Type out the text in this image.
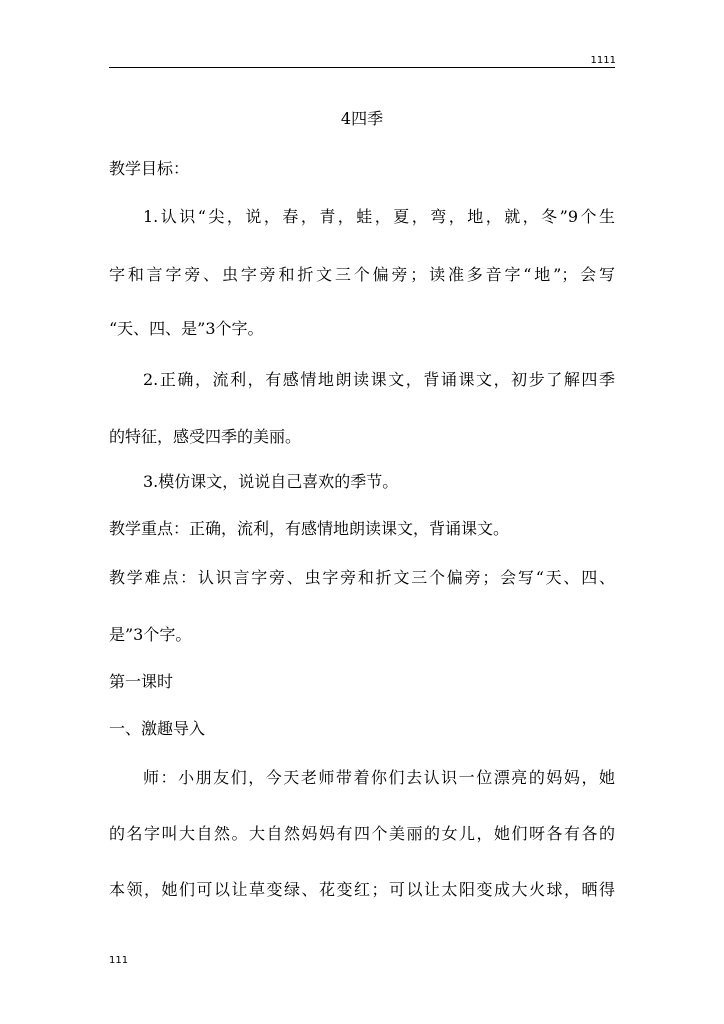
1111
4四季
教学目标：
1.认识“尖，说，春，青，蛙，夏，弯，地，就，冬”9个生
字和言字旁、虫字旁和折文三个偏旁；读准多音字“地”；会写
“天、四、是”3个字。
2.正确，流利，有感情地朗读课文，背诵课文，初步了解四季
的特征，感受四季的美丽。
3.模仿课文，说说自己喜欢的季节。
教学重点：正确，流利，有感情地朗读课文，背诵课文。
教学难点：认识言字旁、虫字旁和折文三个偏旁；会写“天、四、
是”3个字。
第一课时
一、激趣导入
师：小朋友们，今天老师带着你们去认识一位漂亮的妈妈，她
的名字叫大自然。大自然妈妈有四个美丽的女儿，她们呀各有各的
本领，她们可以让草变绿、花变红；可以让太阳变成大火球，晒得
111
